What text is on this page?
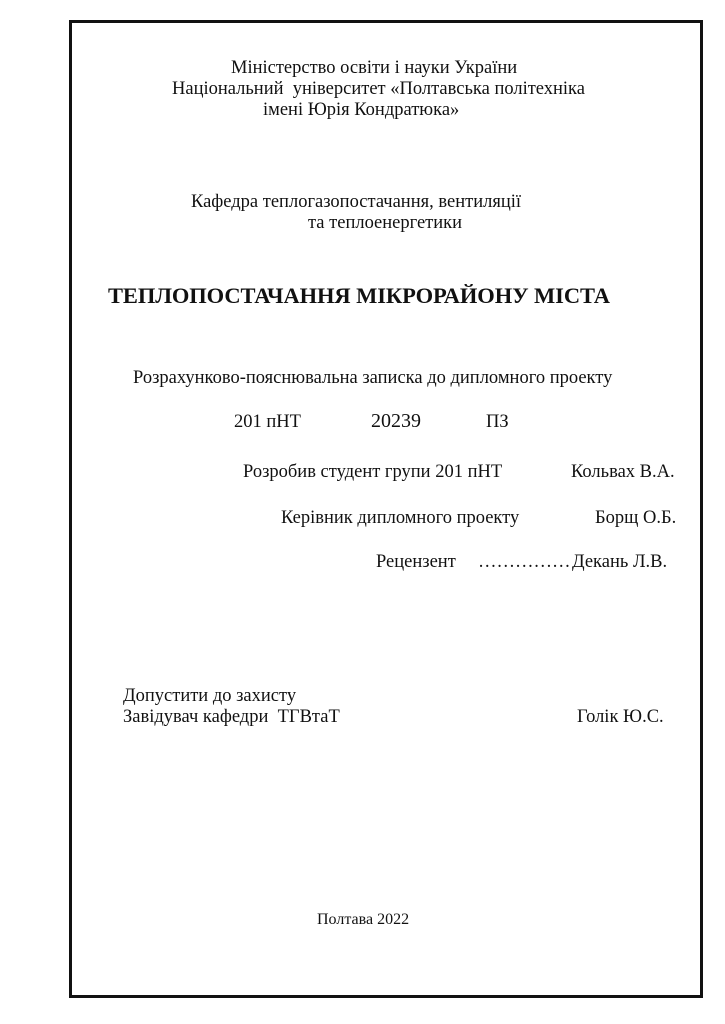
Міністерство освіти і науки України
Національний  університет «Полтавська політехніка
імені Юрія Кондратюка»
Кафедра теплогазопостачання, вентиляції
та теплоенергетики
ТЕПЛОПОСТАЧАННЯ МІКРОРАЙОНУ МІСТА
Розрахунково-пояснювальна записка до дипломного проекту
201 пНТ	20239	ПЗ
Розробив студент групи 201 пНТ	Кольвах В.А.
Керівник дипломного проекту	Борщ О.Б.
Рецензент …………… Декань Л.В.
Допустити до захисту
Завідувач кафедри  ТГВтаТ	Голік Ю.С.
Полтава 2022
